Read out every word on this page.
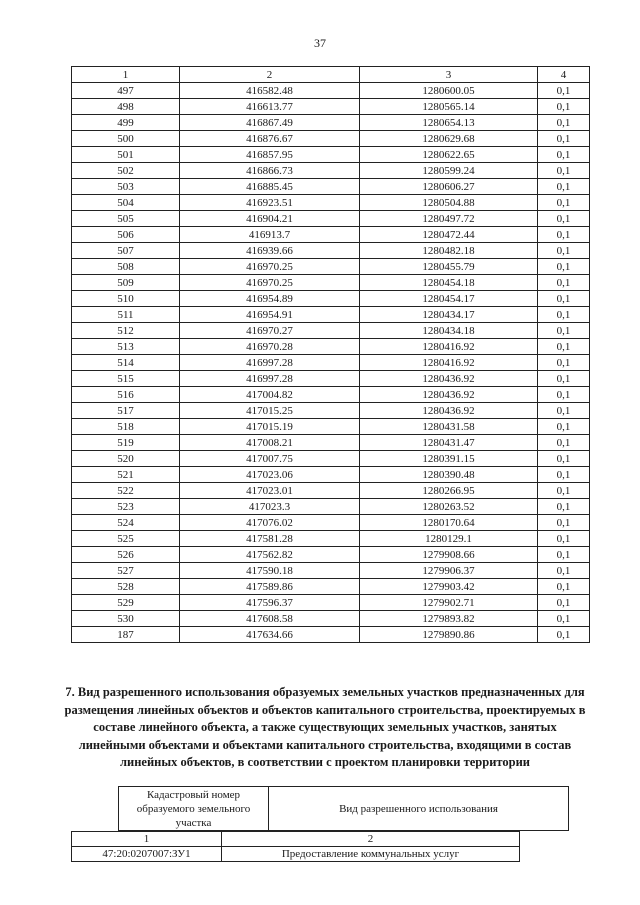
37
1	2	3	4
497	416582.48	1280600.05	0,1
498	416613.77	1280565.14	0,1
499	416867.49	1280654.13	0,1
500	416876.67	1280629.68	0,1
501	416857.95	1280622.65	0,1
502	416866.73	1280599.24	0,1
503	416885.45	1280606.27	0,1
504	416923.51	1280504.88	0,1
505	416904.21	1280497.72	0,1
506	416913.7	1280472.44	0,1
507	416939.66	1280482.18	0,1
508	416970.25	1280455.79	0,1
509	416970.25	1280454.18	0,1
510	416954.89	1280454.17	0,1
511	416954.91	1280434.17	0,1
512	416970.27	1280434.18	0,1
513	416970.28	1280416.92	0,1
514	416997.28	1280416.92	0,1
515	416997.28	1280436.92	0,1
516	417004.82	1280436.92	0,1
517	417015.25	1280436.92	0,1
518	417015.19	1280431.58	0,1
519	417008.21	1280431.47	0,1
520	417007.75	1280391.15	0,1
521	417023.06	1280390.48	0,1
522	417023.01	1280266.95	0,1
523	417023.3	1280263.52	0,1
524	417076.02	1280170.64	0,1
525	417581.28	1280129.1	0,1
526	417562.82	1279908.66	0,1
527	417590.18	1279906.37	0,1
528	417589.86	1279903.42	0,1
529	417596.37	1279902.71	0,1
530	417608.58	1279893.82	0,1
187	417634.66	1279890.86	0,1
7. Вид разрешенного использования образуемых земельных участков предназначенных для размещения линейных объектов и объектов капитального строительства, проектируемых в составе линейного объекта, а также существующих земельных участков, занятых линейными объектами и объектами капитального строительства, входящими в состав линейных объектов, в соответствии с проектом планировки территории
Кадастровый номер образуемого земельного участка	Вид разрешенного использования
1	2
47:20:0207007:ЗУ1	Предоставление коммунальных услуг
